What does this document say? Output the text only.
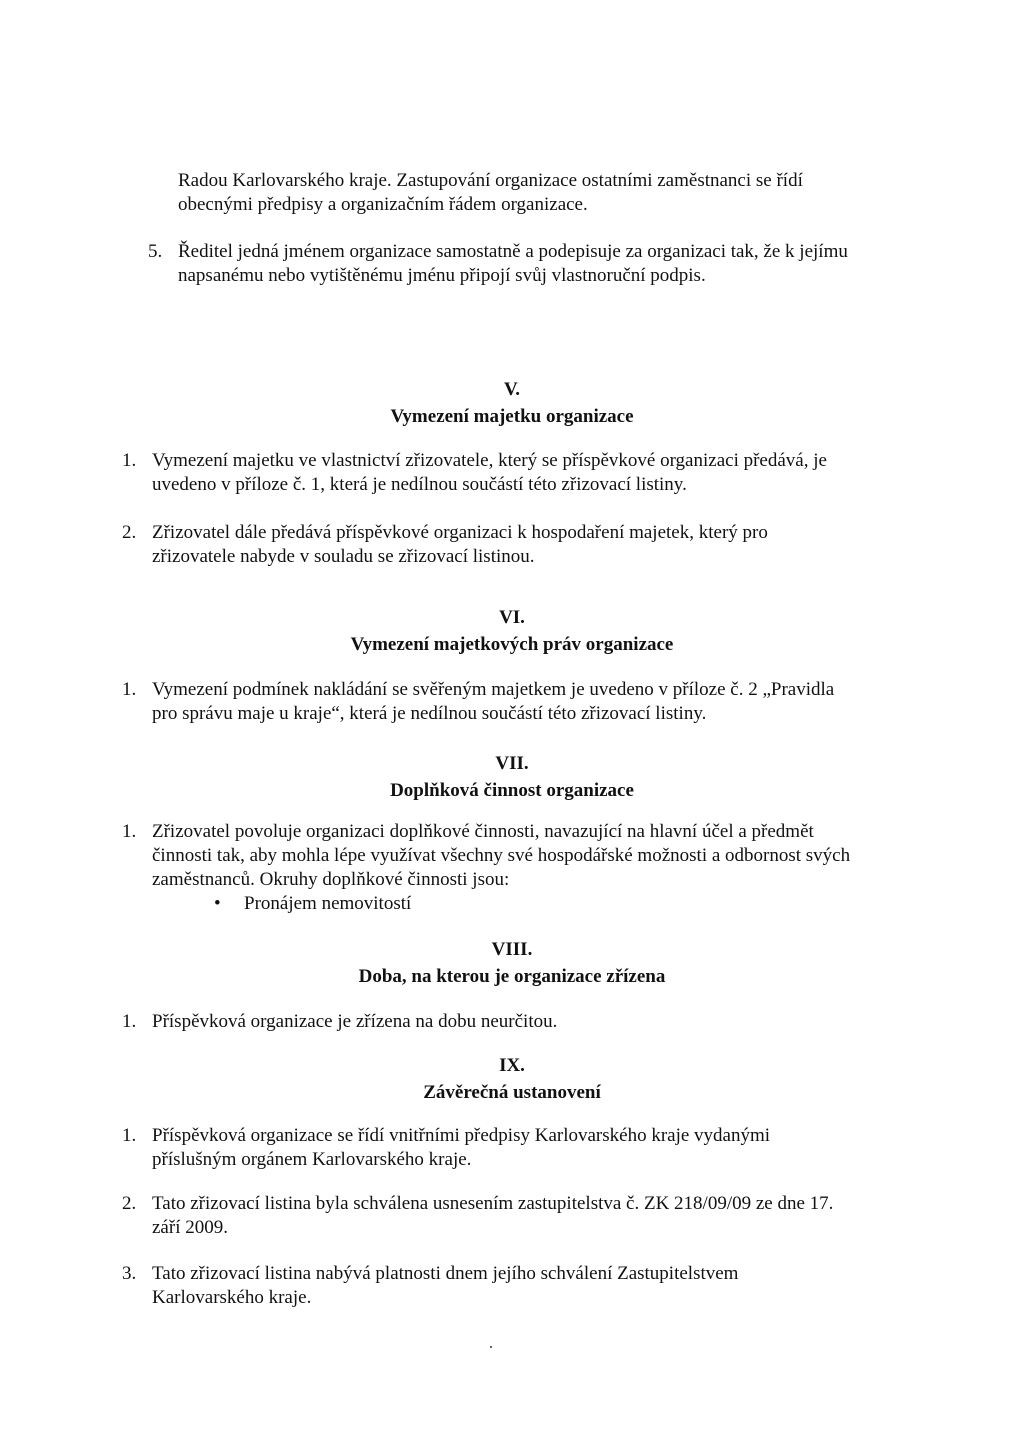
Radou Karlovarského kraje. Zastupování organizace ostatními zaměstnanci se řídí
obecnými předpisy a organizačním řádem organizace.
5. Ředitel jedná jménem organizace samostatně a podepisuje za organizaci tak, že k jejímu
napsanému nebo vytištěnému jménu připojí svůj vlastnoruční podpis.
V.
Vymezení majetku organizace
1. Vymezení majetku ve vlastnictví zřizovatele, který se příspěvkové organizaci předává, je
uvedeno v příloze č. 1, která je nedílnou součástí této zřizovací listiny.
2. Zřizovatel dále předává příspěvkové organizaci k hospodaření majetek, který pro
zřizovatele nabyde v souladu se zřizovací listinou.
VI.
Vymezení majetkových práv organizace
1. Vymezení podmínek nakládání se svěřeným majetkem je uvedeno v příloze č. 2 „Pravidla
pro správu maje u kraje“, která je nedílnou součástí této zřizovací listiny.
VII.
Doplňková činnost organizace
1. Zřizovatel povoluje organizaci doplňkové činnosti, navazující na hlavní účel a předmět
činnosti tak, aby mohla lépe využívat všechny své hospodářské možnosti a odbornost svých
zaměstnanců. Okruhy doplňkové činnosti jsou:
• Pronájem nemovitostí
VIII.
Doba, na kterou je organizace zřízena
1. Příspěvková organizace je zřízena na dobu neurčitou.
IX.
Závěrečná ustanovení
1. Příspěvková organizace se řídí vnitřními předpisy Karlovarského kraje vydanými
příslušným orgánem Karlovarského kraje.
2. Tato zřizovací listina byla schválena usnesením zastupitelstva č. ZK 218/09/09 ze dne 17.
září 2009.
3. Tato zřizovací listina nabývá platnosti dnem jejího schválení Zastupitelstvem
Karlovarského kraje.
